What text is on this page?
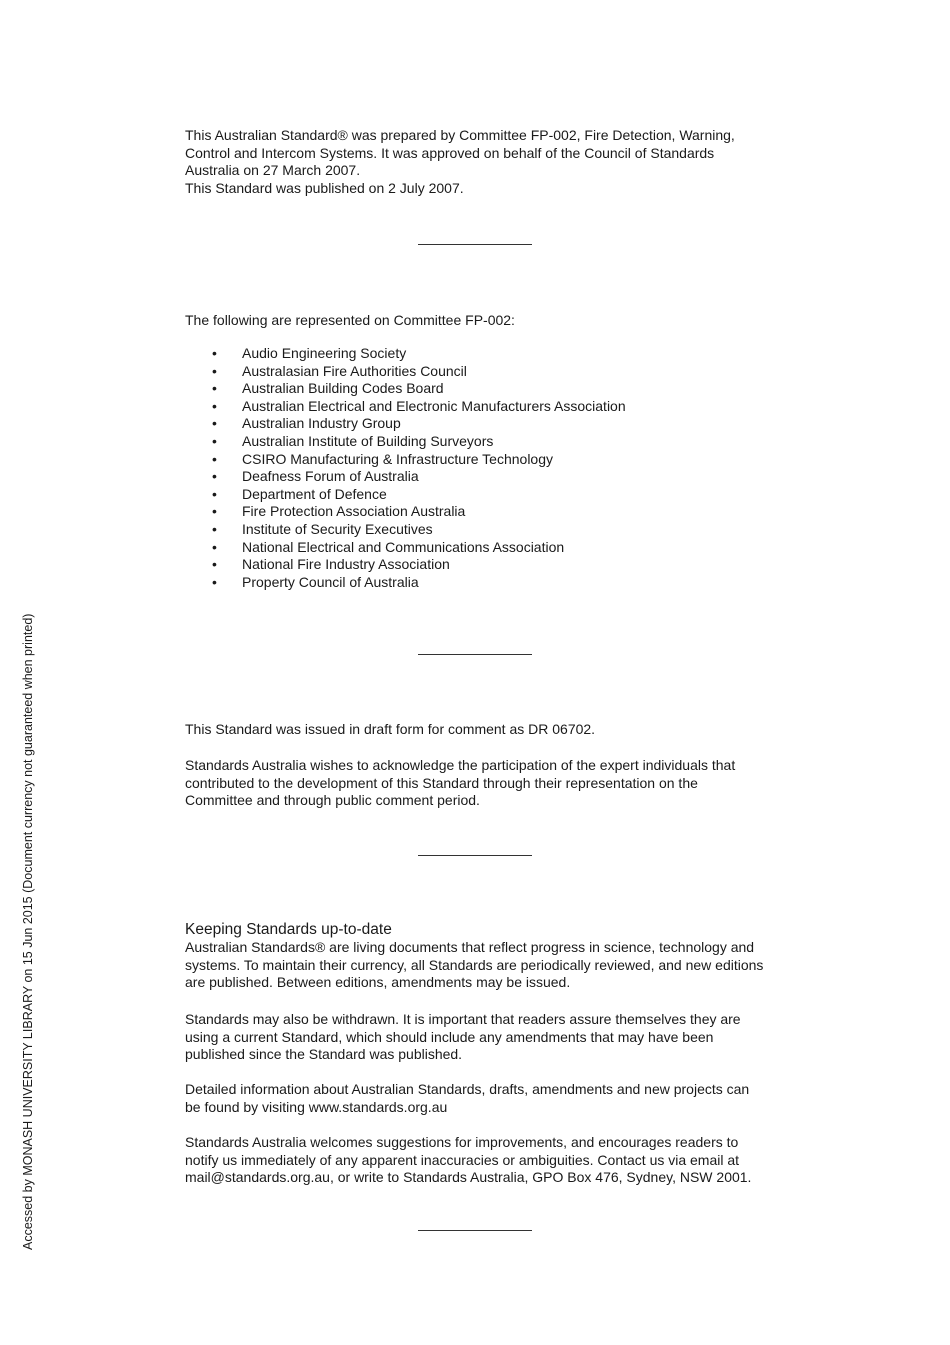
This Australian Standard® was prepared by Committee FP-002, Fire Detection, Warning,

Control and Intercom Systems. It was approved on behalf of the Council of Standards

Australia on 27 March 2007.

This Standard was published on 2 July 2007.

The following are represented on Committee FP-002:

• Audio Engineering Society
• Australasian Fire Authorities Council
• Australian Building Codes Board
• Australian Electrical and Electronic Manufacturers Association
• Australian Industry Group
• Australian Institute of Building Surveyors
• CSIRO Manufacturing & Infrastructure Technology
• Deafness Forum of Australia
• Department of Defence
• Fire Protection Association Australia
• Institute of Security Executives
• National Electrical and Communications Association
• National Fire Industry Association
• Property Council of Australia

This Standard was issued in draft form for comment as DR 06702.

Standards Australia wishes to acknowledge the participation of the expert individuals that

contributed to the development of this Standard through their representation on the

Committee and through public comment period.

Keeping Standards up-to-date

Australian Standards® are living documents that reflect progress in science, technology and

systems. To maintain their currency, all Standards are periodically reviewed, and new editions

are published. Between editions, amendments may be issued.

Standards may also be withdrawn. It is important that readers assure themselves they are

using a current Standard, which should include any amendments that may have been

published since the Standard was published.

Detailed information about Australian Standards, drafts, amendments and new projects can

be found by visiting www.standards.org.au

Standards Australia welcomes suggestions for improvements, and encourages readers to

notify us immediately of any apparent inaccuracies or ambiguities. Contact us via email at

mail@standards.org.au, or write to Standards Australia, GPO Box 476, Sydney, NSW 2001.

Accessed by MONASH UNIVERSITY LIBRARY on 15 Jun 2015 (Document currency not guaranteed when printed)
